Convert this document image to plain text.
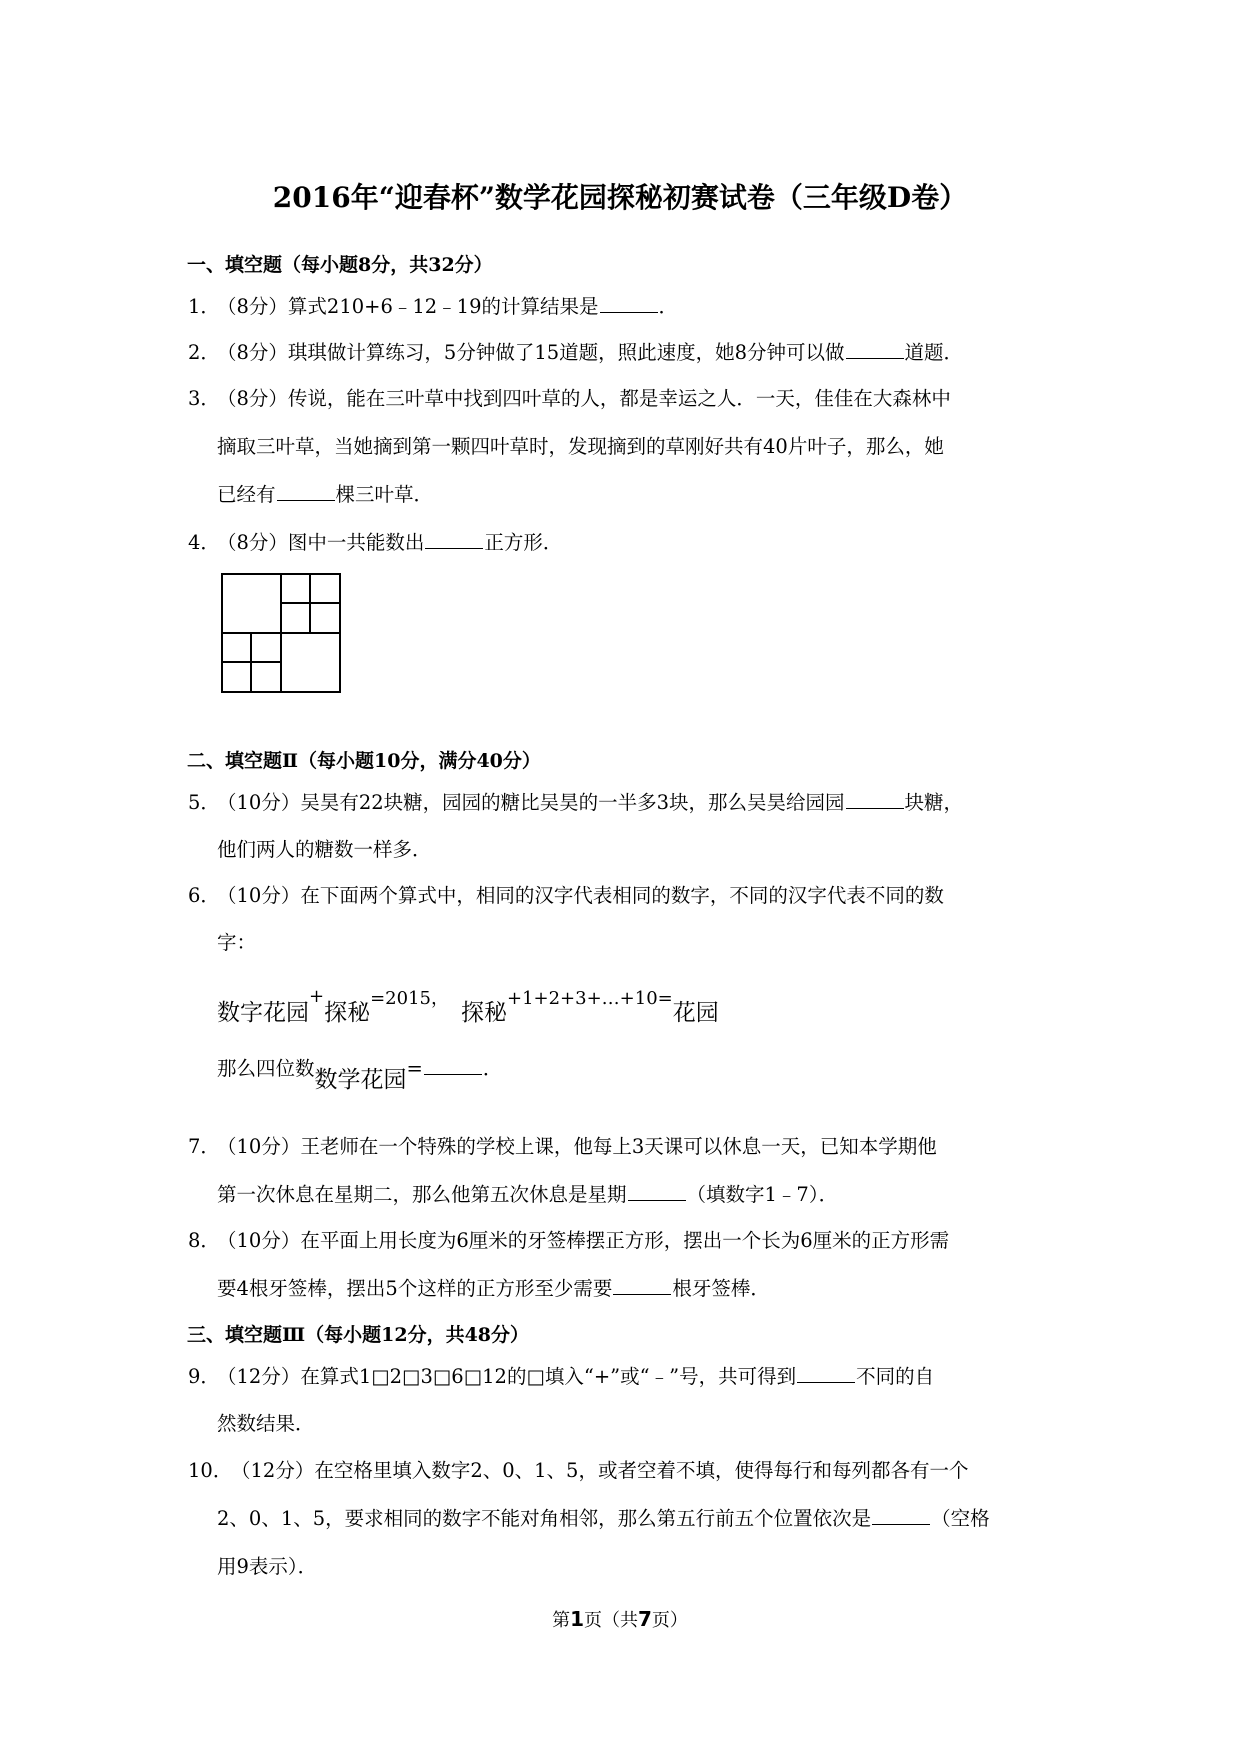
2016年“迎春杯”数学花园探秘初赛试卷（三年级D卷）
一、填空题（每小题8分，共32分）
1．
（8分）算式210+6﹣12﹣19的计算结果是	．
2．
（8分）琪琪做计算练习，5分钟做了15道题，照此速度，她8分钟可以做	道题．
3．
（8分）传说，能在三叶草中找到四叶草的人，都是幸运之人．一天，佳佳在大森林中
摘取三叶草，当她摘到第一颗四叶草时，发现摘到的草刚好共有40片叶子，那么，她
已经有	棵三叶草．
4．
（8分）图中一共能数出	正方形．
二、填空题Ⅱ（每小题10分，满分40分）
5．
（10分）吴昊有22块糖，园园的糖比吴昊的一半多3块，那么吴昊给园园	块糖，
他们两人的糖数一样多．
6．
（10分）在下面两个算式中，相同的汉字代表相同的数字，不同的汉字代表不同的数
字：
数字花园+探秘=2015，探秘+1+2+3+…+10=花园
那么四位数数学花园=	．
7．
（10分）王老师在一个特殊的学校上课，他每上3天课可以休息一天，已知本学期他
第一次休息在星期二，那么他第五次休息是星期	（填数字1﹣7）．
8．
（10分）在平面上用长度为6厘米的牙签棒摆正方形，摆出一个长为6厘米的正方形需
要4根牙签棒，摆出5个这样的正方形至少需要	根牙签棒．
三、填空题Ⅲ（每小题12分，共48分）
9．
（12分）在算式1□2□3□6□12的□填入“+”或“﹣”号，共可得到	不同的自
然数结果．
10．
（12分）在空格里填入数字2、0、1、5，或者空着不填，使得每行和每列都各有一个
2、0、1、5，要求相同的数字不能对角相邻，那么第五行前五个位置依次是	（空格
用9表示）．
第1页（共7页）
